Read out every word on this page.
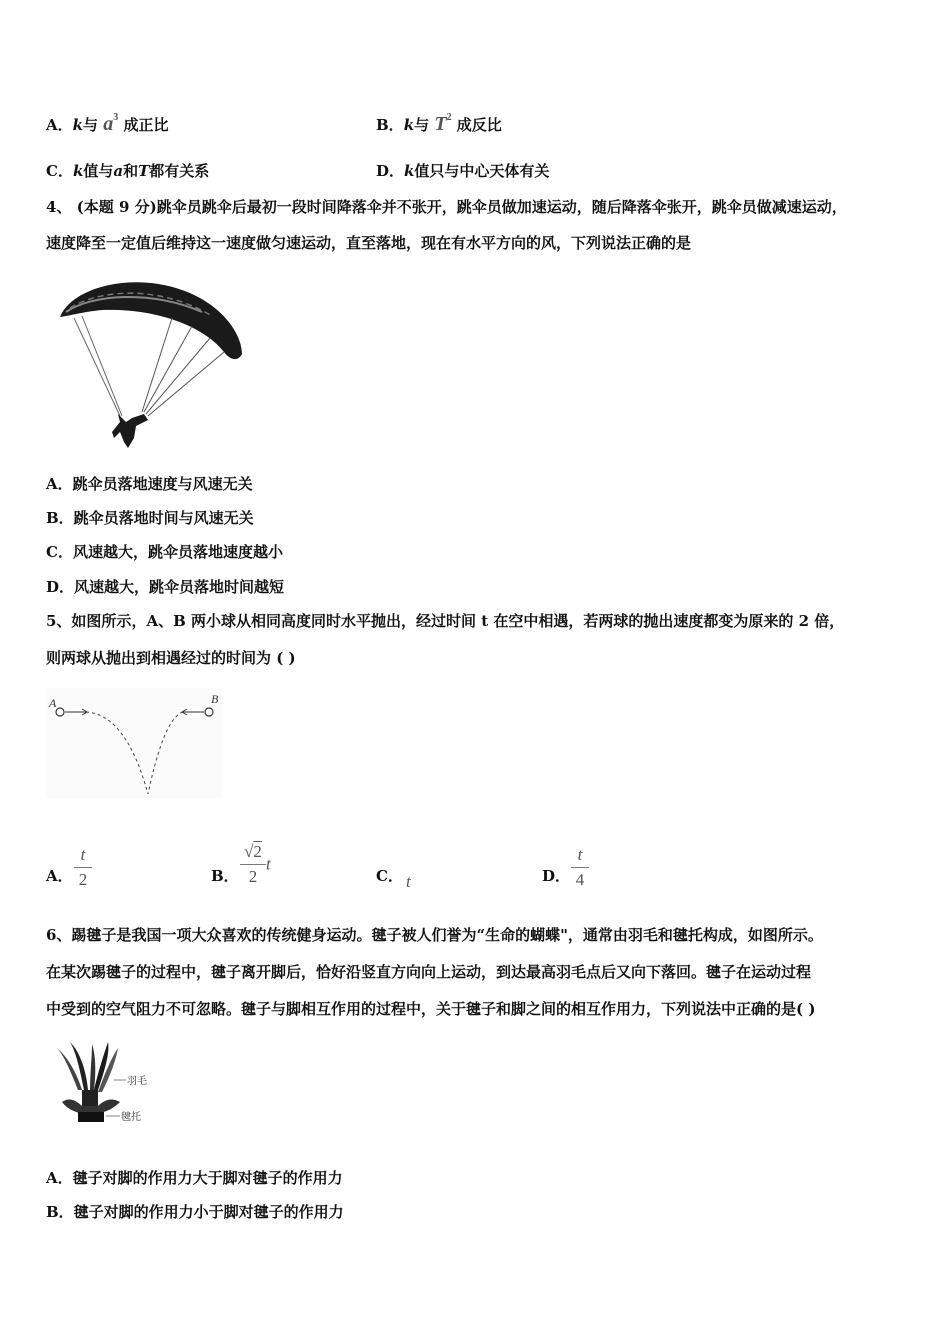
A．k与 $a^3$ 成正比	B．k与 $T^2$ 成反比
C．k值与a和T都有关系	D．k值只与中心天体有关
4、 (本题 9 分)跳伞员跳伞后最初一段时间降落伞并不张开，跳伞员做加速运动，随后降落伞张开，跳伞员做减速运动，
速度降至一定值后维持这一速度做匀速运动，直至落地，现在有水平方向的风，下列说法正确的是
A．跳伞员落地速度与风速无关
B．跳伞员落地时间与风速无关
C．风速越大，跳伞员落地速度越小
D．风速越大，跳伞员落地时间越短
5、如图所示，A、B 两小球从相同高度同时水平抛出，经过时间 t 在空中相遇，若两球的抛出速度都变为原来的 2 倍，
则两球从抛出到相遇经过的时间为 ( )
A	B
A． $\frac{t}{2}$	B． $\frac{√2}{2}$ t
C． t	D． $\frac{t}{4}$
6、踢毽子是我国一项大众喜欢的传统健身运动。毽子被人们誉为“生命的蝴蝶"，通常由羽毛和毽托构成，如图所示。
在某次踢毽子的过程中，毽子离开脚后，恰好沿竖直方向向上运动，到达最高羽毛点后又向下落回。毽子在运动过程
中受到的空气阻力不可忽略。毽子与脚相互作用的过程中，关于毽子和脚之间的相互作用力，下列说法中正确的是( )
羽毛
毽托
A．毽子对脚的作用力大于脚对毽子的作用力
B．毽子对脚的作用力小于脚对毽子的作用力
